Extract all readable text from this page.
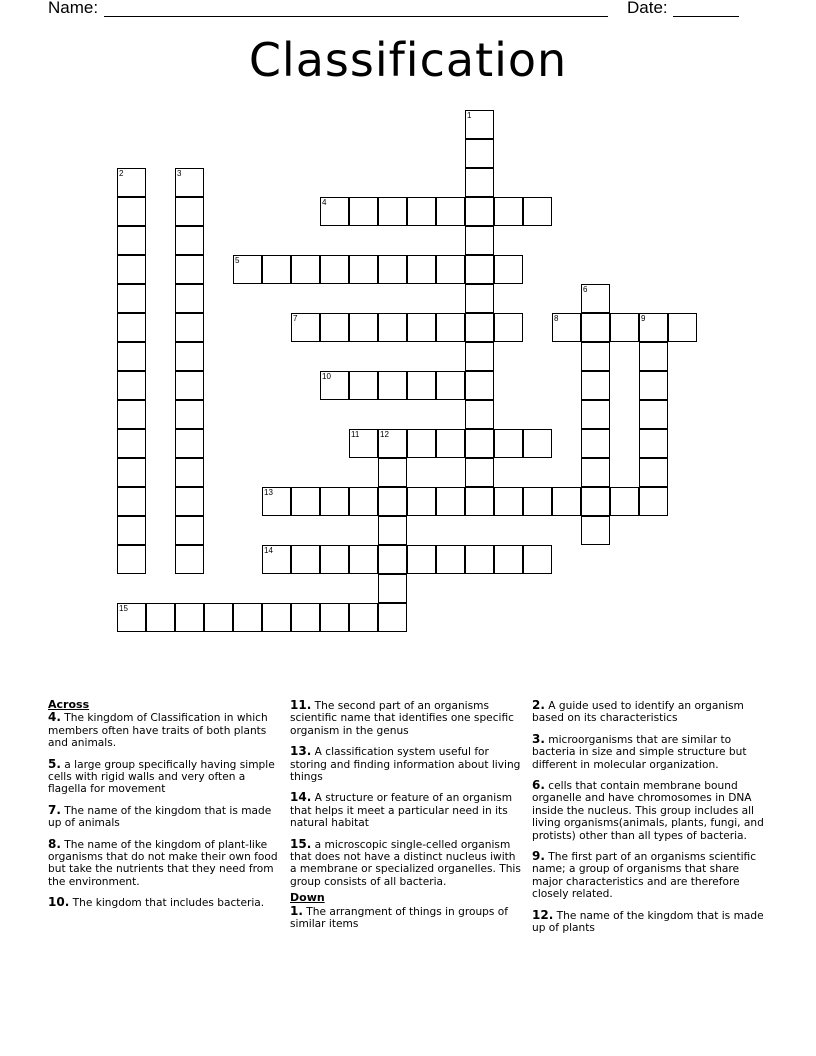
Name:	Date:
Classification
1
2	3
4
5
6
7	8	9
10
11	12
13
14
15
Across
4. The kingdom of Classification in which members often have traits of both plants and animals.
5. a large group specifically having simple cells with rigid walls and very often a flagella for movement
7. The name of the kingdom that is made up of animals
8. The name of the kingdom of plant-like organisms that do not make their own food but take the nutrients that they need from the environment.
10. The kingdom that includes bacteria.
11. The second part of an organisms scientific name that identifies one specific organism in the genus
13. A classification system useful for storing and finding information about living things
14. A structure or feature of an organism that helps it meet a particular need in its natural habitat
15. a microscopic single-celled organism that does not have a distinct nucleus iwith a membrane or specialized organelles. This group consists of all bacteria.
Down
1. The arrangment of things in groups of similar items
2. A guide used to identify an organism based on its characteristics
3. microorganisms that are similar to bacteria in size and simple structure but different in molecular organization.
6. cells that contain membrane bound organelle and have chromosomes in DNA inside the nucleus. This group includes all living organisms(animals, plants, fungi, and protists) other than all types of bacteria.
9. The first part of an organisms scientific name; a group of organisms that share major characteristics and are therefore closely related.
12. The name of the kingdom that is made up of plants
